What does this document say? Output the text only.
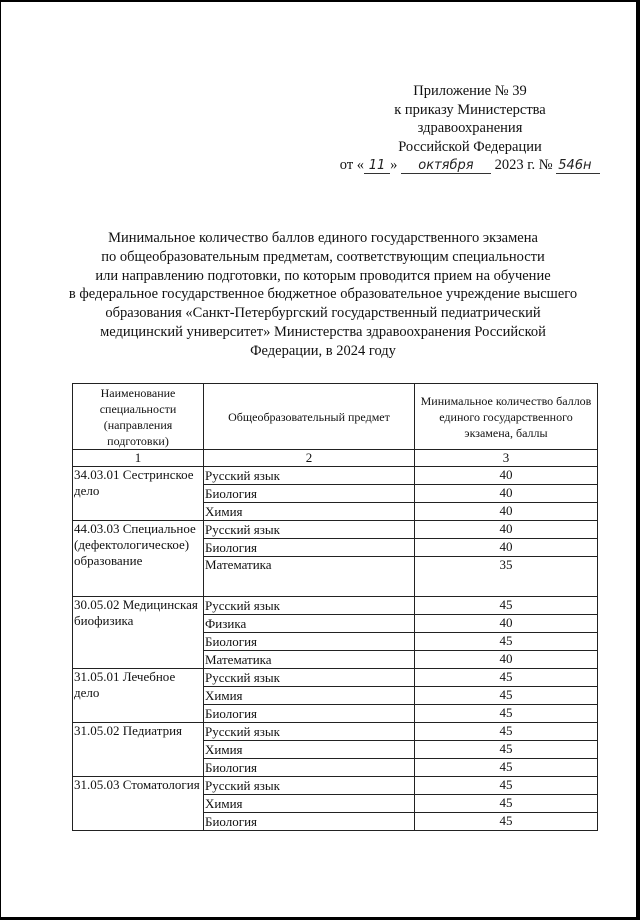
Приложение № 39
к приказу Министерства
здравоохранения
Российской Федерации
от « 11 » октября 2023 г. № 546н
Минимальное количество баллов единого государственного экзамена
по общеобразовательным предметам, соответствующим специальности
или направлению подготовки, по которым проводится прием на обучение
в федеральное государственное бюджетное образовательное учреждение высшего
образования «Санкт-Петербургский государственный педиатрический
медицинский университет» Министерства здравоохранения Российской
Федерации, в 2024 году
Наименование специальности (направления подготовки)	Общеобразовательный предмет	Минимальное количество баллов единого государственного экзамена, баллы
1	2	3
34.03.01 Сестринское дело	Русский язык	40
	Биология	40
	Химия	40
44.03.03 Специальное (дефектологическое) образование	Русский язык	40
	Биология	40
	Математика	35
30.05.02 Медицинская биофизика	Русский язык	45
	Физика	40
	Биология	45
	Математика	40
31.05.01 Лечебное дело	Русский язык	45
	Химия	45
	Биология	45
31.05.02 Педиатрия	Русский язык	45
	Химия	45
	Биология	45
31.05.03 Стоматология	Русский язык	45
	Химия	45
	Биология	45
